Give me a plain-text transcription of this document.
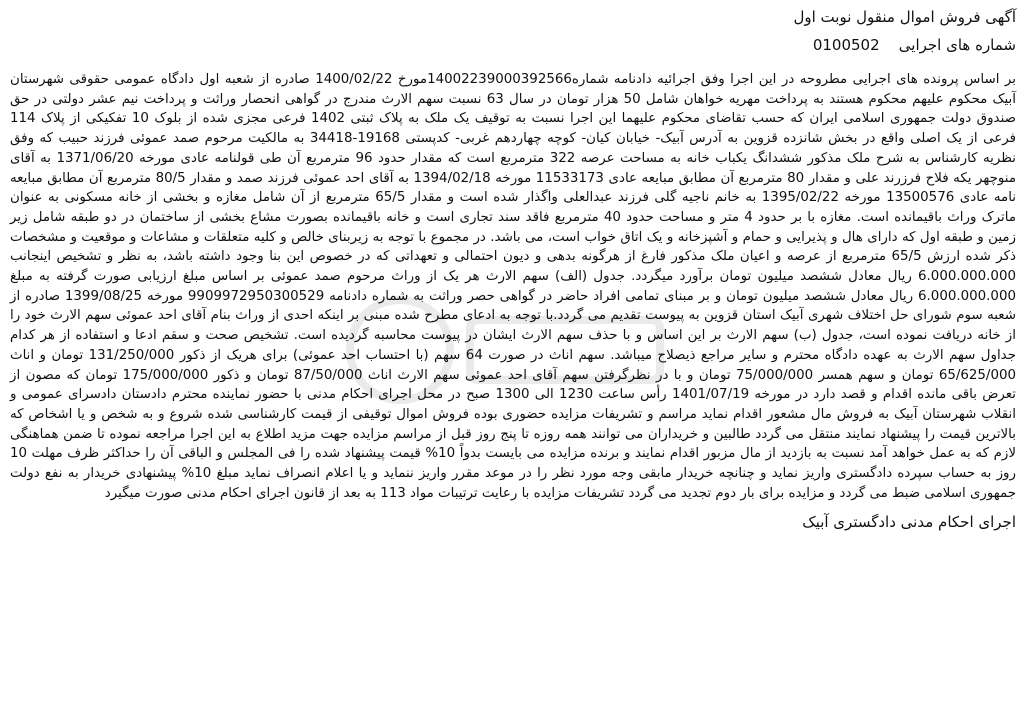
آگهی فروش اموال منقول نوبت اول
شماره های اجرایی    0100502

بر اساس پرونده های اجرایی مطروحه در این اجرا وفق اجرائیه دادنامه شماره14002239000392566مورخ 1400/02/22 صادره از شعبه اول دادگاه عمومی حقوقی شهرستان آبیک محکوم علیهم محکوم هستند به پرداخت مهریه خواهان شامل 50 هزار تومان در سال 63 نسبت سهم الارث مندرج در گواهی انحصار وراثت و پرداخت نیم عشر دولتی در حق صندوق دولت جمهوری اسلامی ایران که حسب تقاضای محکوم علیهما این اجرا نسبت به توقیف یک ملک به پلاک ثبتی 1402 فرعی مجزی شده از بلوک 10 تفکیکی از پلاک 114 فرعی از یک اصلی واقع در بخش شانزده قزوین به آدرس آبیک- خیابان کیان- کوچه چهاردهم غربی- کدپستی 19168-34418 به مالکیت مرحوم صمد عموئی فرزند حبیب که وفق نظریه کارشناس به شرح ملک مذکور ششدانگ یکباب خانه به مساحت عرصه 322 مترمربع است که مقدار حدود 96 مترمربع آن طی قولنامه عادی مورخه 1371/06/20 به آقای منوچهر یکه فلاح فرزرند علی و مقدار 80 مترمربع آن مطابق مبایعه عادی 11533173 مورخه 1394/02/18 به آقای احد عموئی فرزند صمد و مقدار 80/5 مترمربع آن مطابق مبایعه نامه عادی 13500576 مورخه 1395/02/22 به خانم ناجیه گلی فرزند عبدالعلی واگذار شده است و مقدار 65/5 مترمربع از آن شامل مغازه و بخشی از خانه مسکونی به عنوان ماترک وراث باقیمانده است. مغازه با بر حدود 4 متر و مساحت حدود 40 مترمربع فاقد سند تجاری است و خانه باقیمانده بصورت مشاع بخشی از ساختمان در دو طبقه شامل زیر زمین و طبقه اول که دارای هال و پذیرایی و حمام و آشپزخانه و یک اتاق خواب است، می باشد. در مجموع با توجه به زیربنای خالص و کلیه متعلقات و مشاعات و موقعیت و مشخصات ذکر شده ارزش 65/5 مترمربع از عرصه و اعیان ملک مذکور فارغ از هرگونه بدهی و دیون احتمالی و تعهداتی که در خصوص این بنا وجود داشته باشد، به نظر و تشخیص اینجانب 6.000.000.000 ریال معادل ششصد میلیون تومان برآورد میگردد. جدول (الف) سهم الارث هر یک از وراث مرحوم صمد عموئی بر اساس مبلغ ارزیابی صورت گرفته به مبلغ 6.000.000.000 ریال معادل ششصد میلیون تومان و بر مبنای تمامی افراد حاضر در گواهی حصر وراثت به شماره دادنامه 9909972950300529 مورخه 1399/08/25 صادره از شعبه سوم شورای حل اختلاف شهری آبیک استان قزوین به پیوست تقدیم می گردد.با توجه به ادعای مطرح شده مبنی بر اینکه احدی از وراث بنام آقای احد عموئی سهم الارث خود را از خانه دریافت نموده است، جدول (ب) سهم الارث بر این اساس و با حذف سهم الارث ایشان در پیوست محاسبه گردیده است. تشخیص صحت و سقم ادعا و استفاده از هر کدام جداول سهم الارث به عهده دادگاه محترم و سایر مراجع ذیصلاح میباشد. سهم اناث در صورت 64 سهم (با احتساب احد عموئی) برای هریک از ذکور 131/250/000 تومان و اناث 65/625/000 تومان و سهم همسر 75/000/000 تومان و با در نظرگرفتن سهم آقای احد عموئی سهم الارث اناث 87/50/000 تومان و ذکور 175/000/000 تومان که مصون از تعرض باقی مانده اقدام و قصد دارد در مورخه 1401/07/19 رأس ساعت 1230 الی 1300 صبح در محل اجرای احکام مدنی با حضور نماینده محترم دادستان دادسرای عمومی و انقلاب شهرستان آبیک به فروش مال مشعور اقدام نماید مراسم و تشریفات مزایده حضوری بوده فروش اموال توقیفی از قیمت کارشناسی شده شروع و به شخص و یا اشخاص که بالاترین قیمت را پیشنهاد نمایند منتقل می گردد طالبین و خریداران می توانند همه روزه تا پنج روز قبل از مراسم مزایده جهت مزید اطلاع به این اجرا مراجعه نموده تا ضمن هماهنگی لازم که به عمل خواهد آمد نسبت به بازدید از مال مزبور اقدام نمایند و برنده مزایده می بایست بدواً 10% قیمت پیشنهاد شده را فی المجلس و الباقی آن را حداکثر ظرف مهلت 10 روز به حساب سپرده دادگستری واریز نماید و چنانچه خریدار مابقی وجه مورد نظر را در موعد مقرر واریز ننماید و یا اعلام انصراف نماید مبلغ 10% پیشنهادی خریدار به نفع دولت جمهوری اسلامی ضبط می گردد و مزایده برای بار دوم تجدید می گردد تشریفات مزایده با رعایت ترتیبات مواد 113 به بعد از قانون اجرای احکام مدنی صورت میگیرد

اجرای احکام مدنی دادگستری آبیک
